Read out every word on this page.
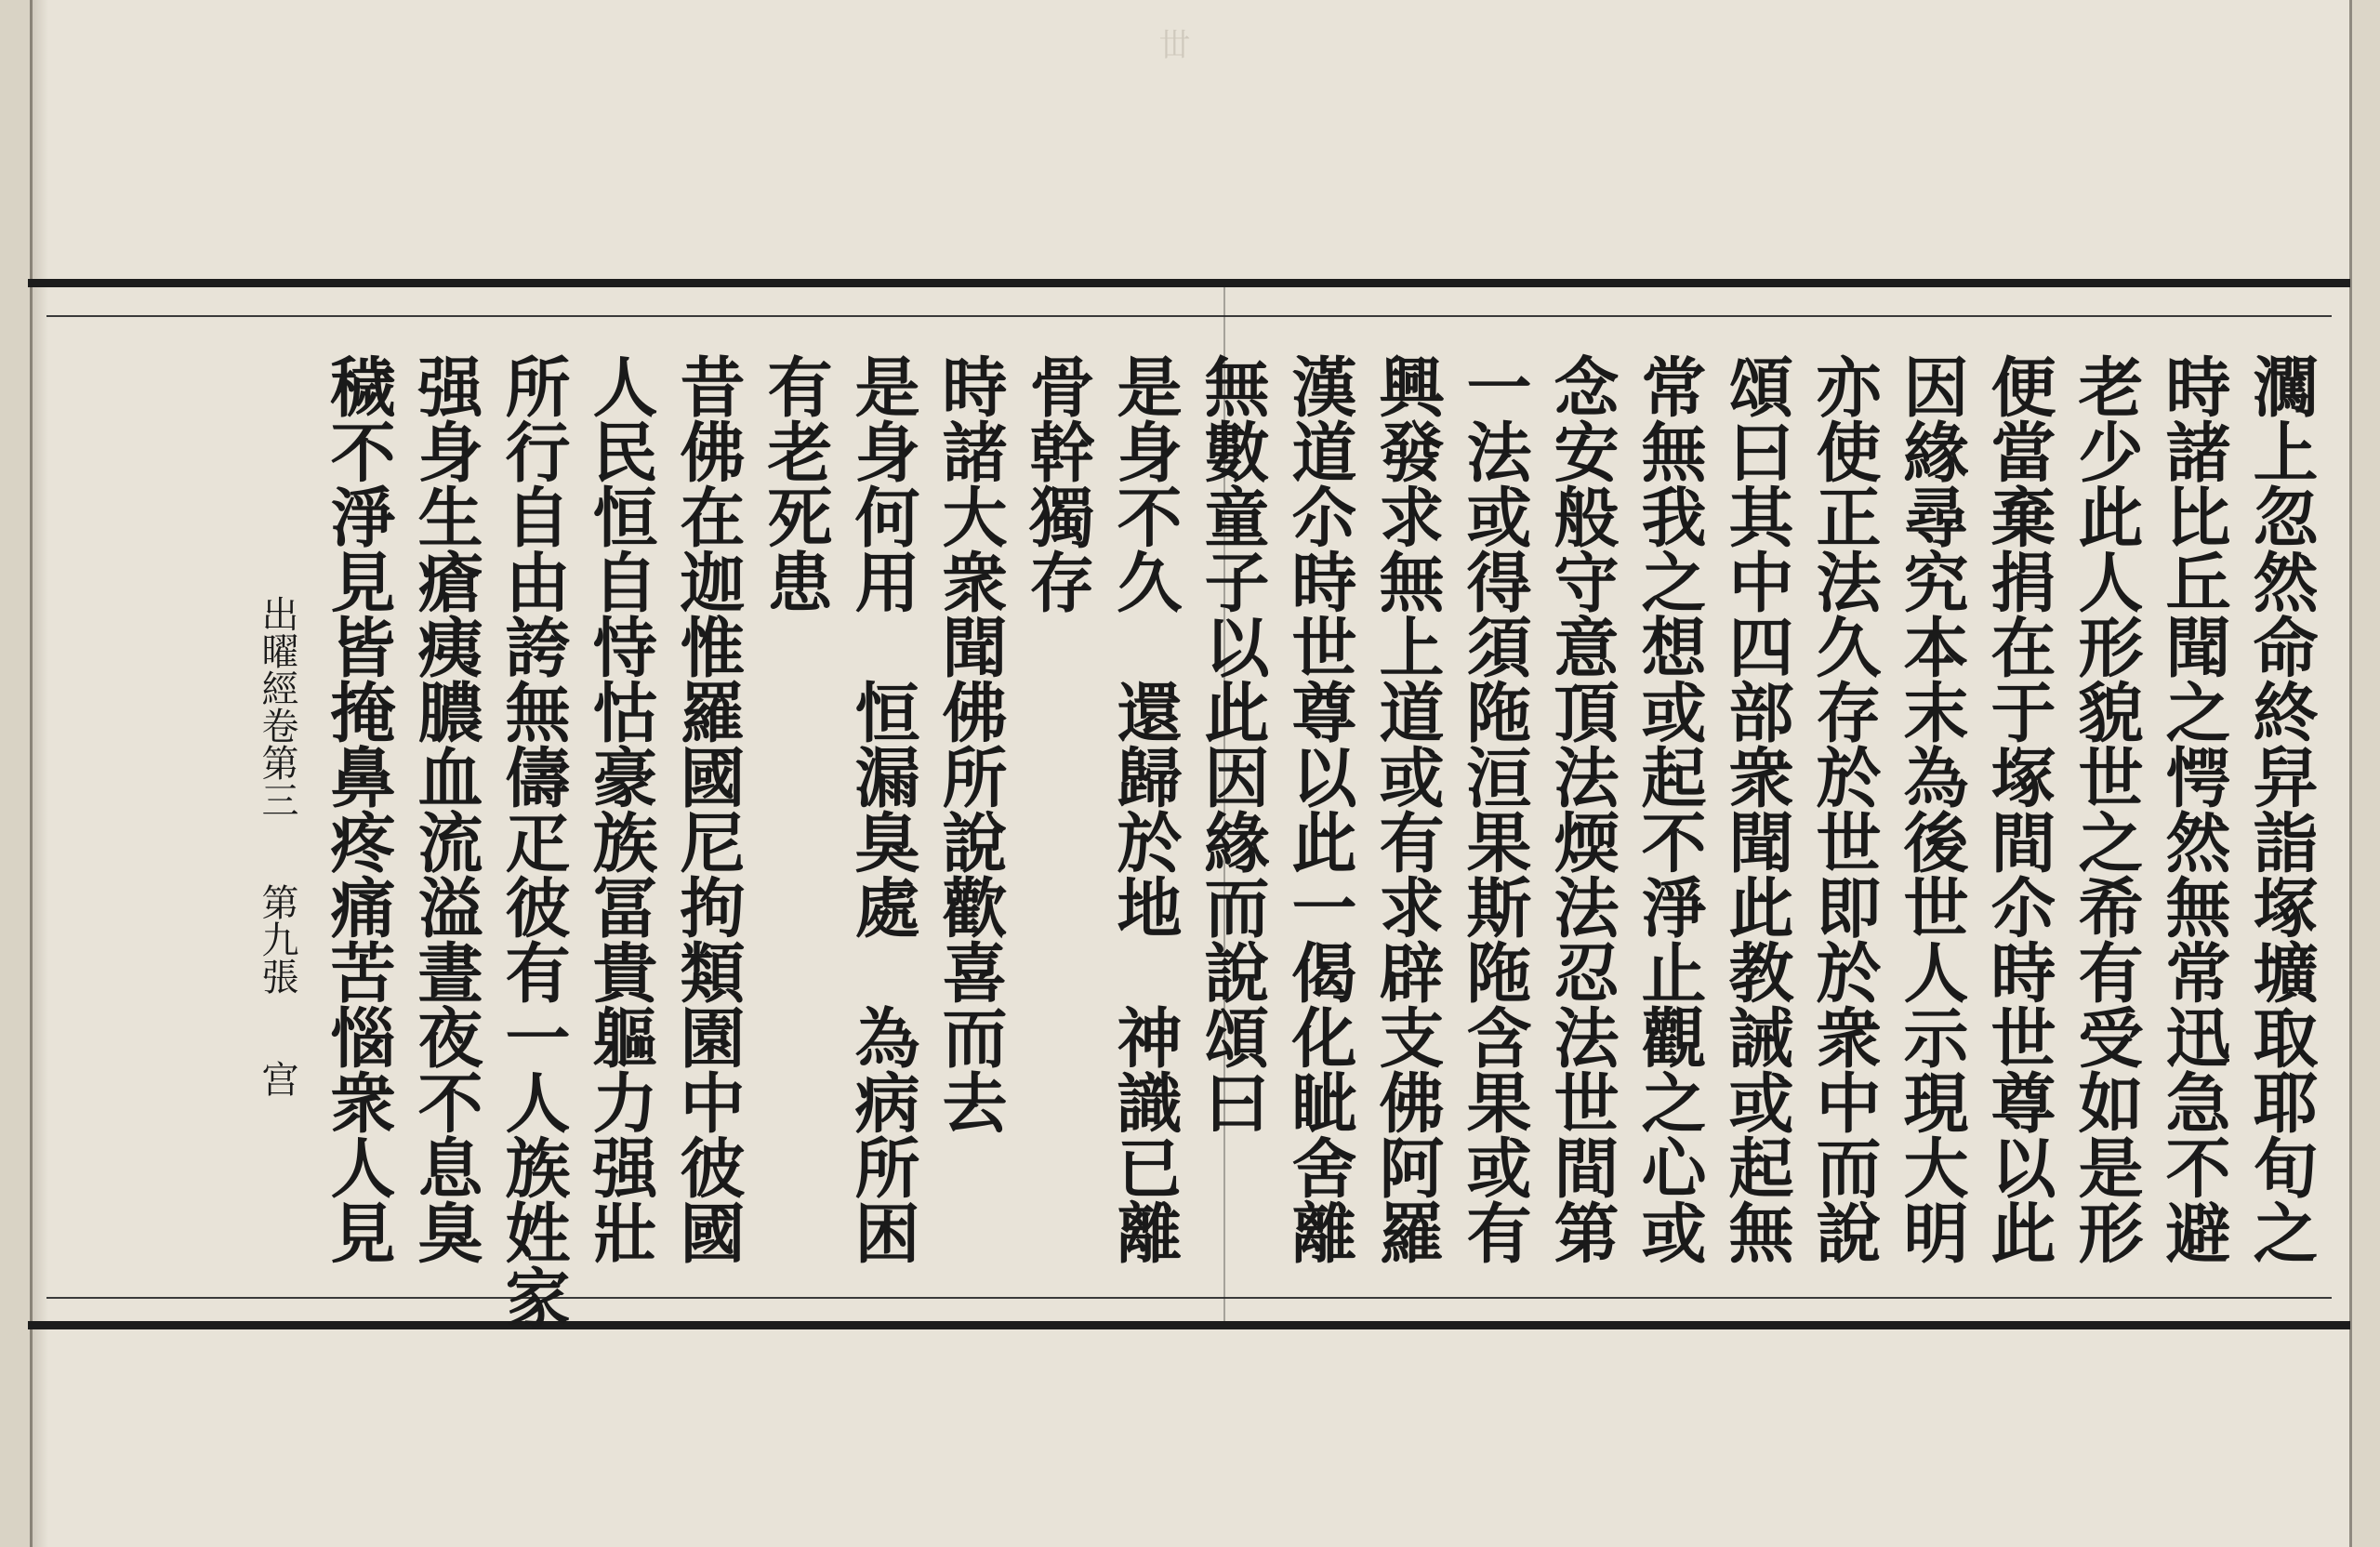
丗
㶒上忽然命終舁詣塚壙取耶旬之
時諸比丘聞之愕然無常迅急不避
老少此人形貌世之希有受如是形
便當棄捐在于塚間尒時世尊以此
因緣尋究本末為後世人示現大明
亦使正法久存於世即於衆中而說
頌曰其中四部衆聞此教誡或起無
常無我之想或起不淨止觀之心或
念安般守意頂法煗法忍法世間第
一法或得須陁洹果斯陁含果或有
興發求無上道或有求辟支佛阿羅
漢道尒時世尊以此一偈化眦舍離
無數童子以此因緣而說頌曰
是身不久　還歸於地　神識已離
骨幹獨存
時諸大衆聞佛所說歡喜而去
是身何用　恒漏臭處　為病所困
有老死患
昔佛在迦惟羅國尼拘類園中彼國
人民恒自恃怙豪族冨貴軀力强壯
所行自由誇無儔疋彼有一人族姓家
强身生瘡痍膿血流溢晝夜不息臭
穢不淨見皆掩鼻疼痛苦惱衆人見
出曜經卷第三第九張宫
